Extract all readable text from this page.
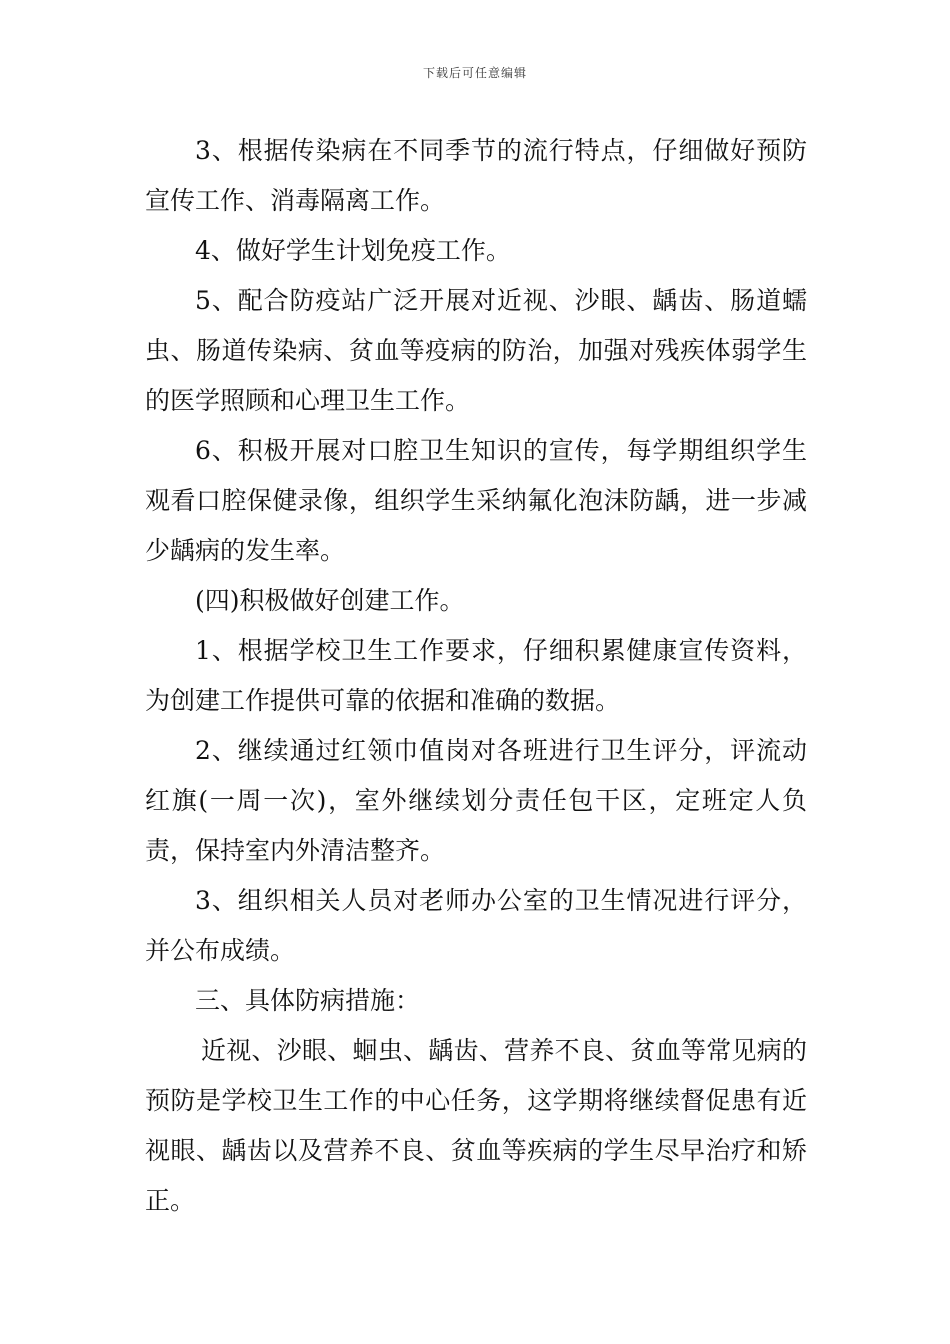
下载后可任意编辑

3、根据传染病在不同季节的流行特点，仔细做好预防宣传工作、消毒隔离工作。

4、做好学生计划免疫工作。

5、配合防疫站广泛开展对近视、沙眼、龋齿、肠道蠕虫、肠道传染病、贫血等疫病的防治，加强对残疾体弱学生的医学照顾和心理卫生工作。

6、积极开展对口腔卫生知识的宣传，每学期组织学生观看口腔保健录像，组织学生采纳氟化泡沫防龋，进一步减少龋病的发生率。

(四)积极做好创建工作。

1、根据学校卫生工作要求，仔细积累健康宣传资料，为创建工作提供可靠的依据和准确的数据。

2、继续通过红领巾值岗对各班进行卫生评分，评流动红旗(一周一次)，室外继续划分责任包干区，定班定人负责，保持室内外清洁整齐。

3、组织相关人员对老师办公室的卫生情况进行评分，并公布成绩。

三、具体防病措施：

近视、沙眼、蛔虫、龋齿、营养不良、贫血等常见病的预防是学校卫生工作的中心任务，这学期将继续督促患有近视眼、龋齿以及营养不良、贫血等疾病的学生尽早治疗和矫正。
